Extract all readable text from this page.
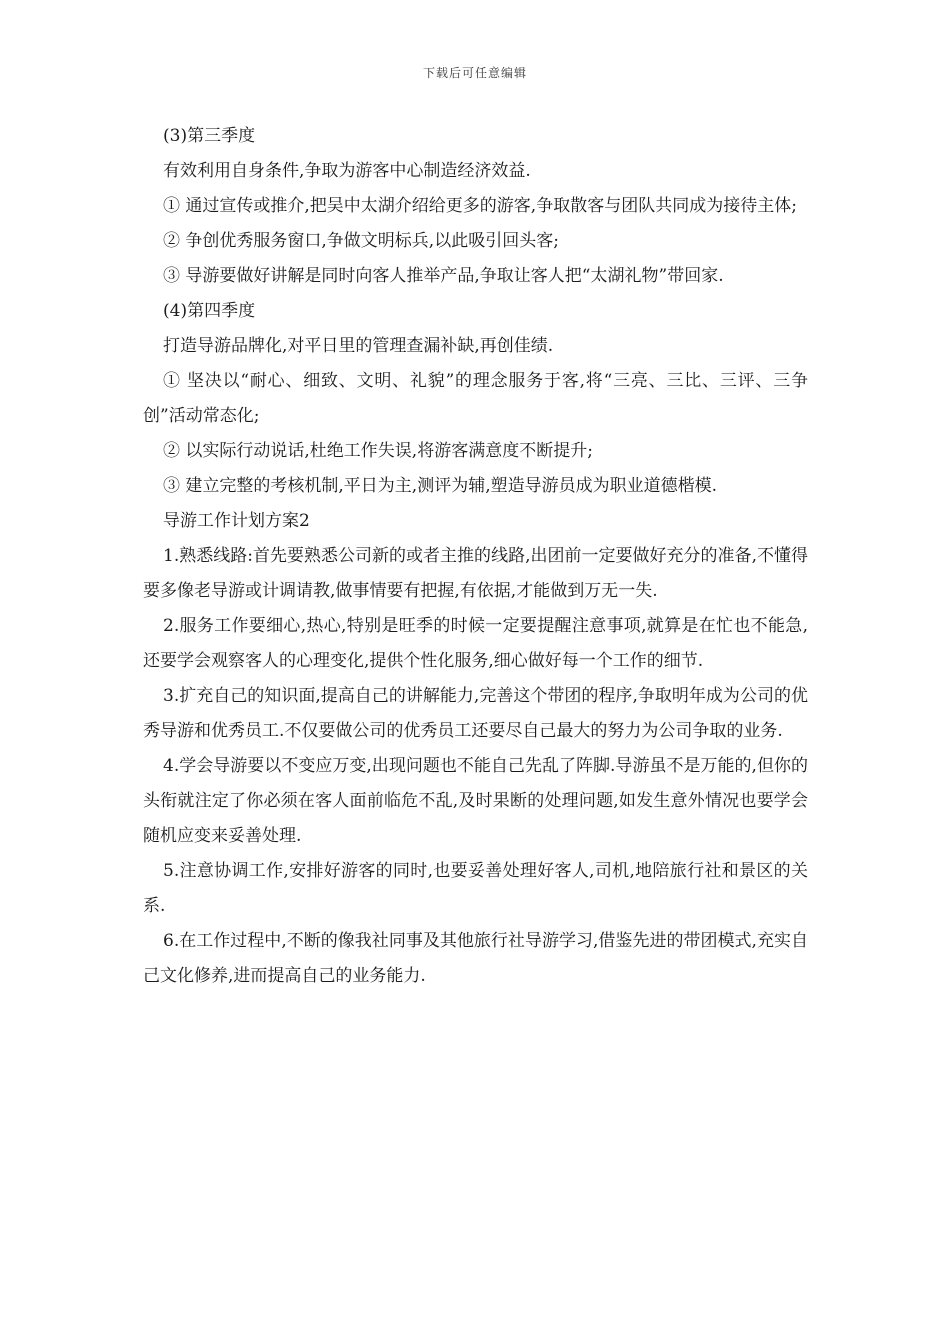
下载后可任意编辑

(3)第三季度

有效利用自身条件,争取为游客中心制造经济效益.

① 通过宣传或推介,把吴中太湖介绍给更多的游客,争取散客与团队共同成为接待主体;

② 争创优秀服务窗口,争做文明标兵,以此吸引回头客;

③ 导游要做好讲解是同时向客人推举产品,争取让客人把“太湖礼物”带回家.

(4)第四季度

打造导游品牌化,对平日里的管理查漏补缺,再创佳绩.

① 坚决以“耐心、细致、文明、礼貌”的理念服务于客,将“三亮、三比、三评、三争创”活动常态化;

② 以实际行动说话,杜绝工作失误,将游客满意度不断提升;

③ 建立完整的考核机制,平日为主,测评为辅,塑造导游员成为职业道德楷模.

导游工作计划方案2

1.熟悉线路:首先要熟悉公司新的或者主推的线路,出团前一定要做好充分的准备,不懂得要多像老导游或计调请教,做事情要有把握,有依据,才能做到万无一失.

2.服务工作要细心,热心,特别是旺季的时候一定要提醒注意事项,就算是在忙也不能急,还要学会观察客人的心理变化,提供个性化服务,细心做好每一个工作的细节.

3.扩充自己的知识面,提高自己的讲解能力,完善这个带团的程序,争取明年成为公司的优秀导游和优秀员工.不仅要做公司的优秀员工还要尽自己最大的努力为公司争取的业务.

4.学会导游要以不变应万变,出现问题也不能自己先乱了阵脚.导游虽不是万能的,但你的头衔就注定了你必须在客人面前临危不乱,及时果断的处理问题,如发生意外情况也要学会随机应变来妥善处理.

5.注意协调工作,安排好游客的同时,也要妥善处理好客人,司机,地陪旅行社和景区的关系.

6.在工作过程中,不断的像我社同事及其他旅行社导游学习,借鉴先进的带团模式,充实自己文化修养,进而提高自己的业务能力.
